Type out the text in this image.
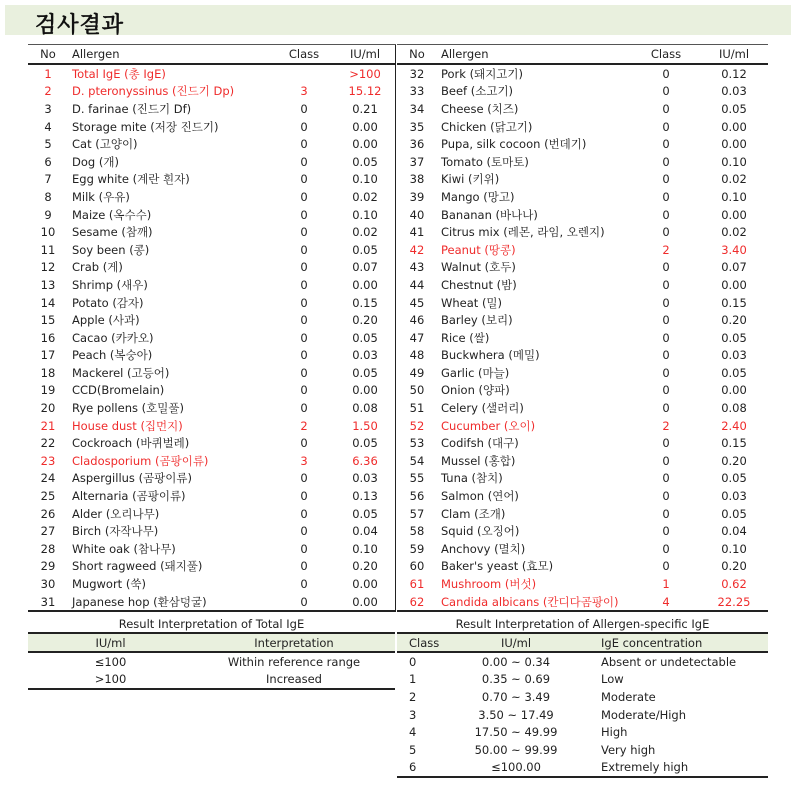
검사결과
No	Allergen	Class	IU/ml
1	Total IgE (총 IgE)		>100
2	D. pteronyssinus (진드기 Dp)	3	15.12
3	D. farinae (진드기 Df)	0	0.21
4	Storage mite (저장 진드기)	0	0.00
5	Cat (고양이)	0	0.00
6	Dog (개)	0	0.05
7	Egg white (계란 흰자)	0	0.10
8	Milk (우유)	0	0.02
9	Maize (옥수수)	0	0.10
10	Sesame (참깨)	0	0.02
11	Soy been (콩)	0	0.05
12	Crab (게)	0	0.07
13	Shrimp (새우)	0	0.00
14	Potato (감자)	0	0.15
15	Apple (사과)	0	0.20
16	Cacao (카카오)	0	0.05
17	Peach (복숭아)	0	0.03
18	Mackerel (고등어)	0	0.05
19	CCD(Bromelain)	0	0.00
20	Rye pollens (호밀풀)	0	0.08
21	House dust (집먼지)	2	1.50
22	Cockroach (바퀴벌레)	0	0.05
23	Cladosporium (곰팡이류)	3	6.36
24	Aspergillus (곰팡이류)	0	0.03
25	Alternaria (곰팡이류)	0	0.13
26	Alder (오리나무)	0	0.05
27	Birch (자작나무)	0	0.04
28	White oak (참나무)	0	0.10
29	Short ragweed (돼지풀)	0	0.20
30	Mugwort (쑥)	0	0.00
31	Japanese hop (환삼덩굴)	0	0.00
No	Allergen	Class	IU/ml
32	Pork (돼지고기)	0	0.12
33	Beef (소고기)	0	0.03
34	Cheese (치즈)	0	0.05
35	Chicken (닭고기)	0	0.00
36	Pupa, silk cocoon (번데기)	0	0.00
37	Tomato (토마토)	0	0.10
38	Kiwi (키위)	0	0.02
39	Mango (망고)	0	0.10
40	Bananan (바나나)	0	0.00
41	Citrus mix (레몬, 라임, 오렌지)	0	0.02
42	Peanut (땅콩)	2	3.40
43	Walnut (호두)	0	0.07
44	Chestnut (밤)	0	0.00
45	Wheat (밀)	0	0.15
46	Barley (보리)	0	0.20
47	Rice (쌀)	0	0.05
48	Buckwhera (메밀)	0	0.03
49	Garlic (마늘)	0	0.05
50	Onion (양파)	0	0.00
51	Celery (샐러리)	0	0.08
52	Cucumber (오이)	2	2.40
53	Codifsh (대구)	0	0.15
54	Mussel (홍합)	0	0.20
55	Tuna (참치)	0	0.05
56	Salmon (연어)	0	0.03
57	Clam (조개)	0	0.05
58	Squid (오징어)	0	0.04
59	Anchovy (멸치)	0	0.10
60	Baker's yeast (효모)	0	0.20
61	Mushroom (버섯)	1	0.62
62	Candida albicans (칸디다곰팡이)	4	22.25
Result Interpretation of Total IgE
IU/ml	Interpretation
≤100	Within reference range
>100	Increased
Result Interpretation of Allergen-specific IgE
Class	IU/ml	IgE concentration
0	0.00 ~ 0.34	Absent or undetectable
1	0.35 ~ 0.69	Low
2	0.70 ~ 3.49	Moderate
3	3.50 ~ 17.49	Moderate/High
4	17.50 ~ 49.99	High
5	50.00 ~ 99.99	Very high
6	≤100.00	Extremely high
